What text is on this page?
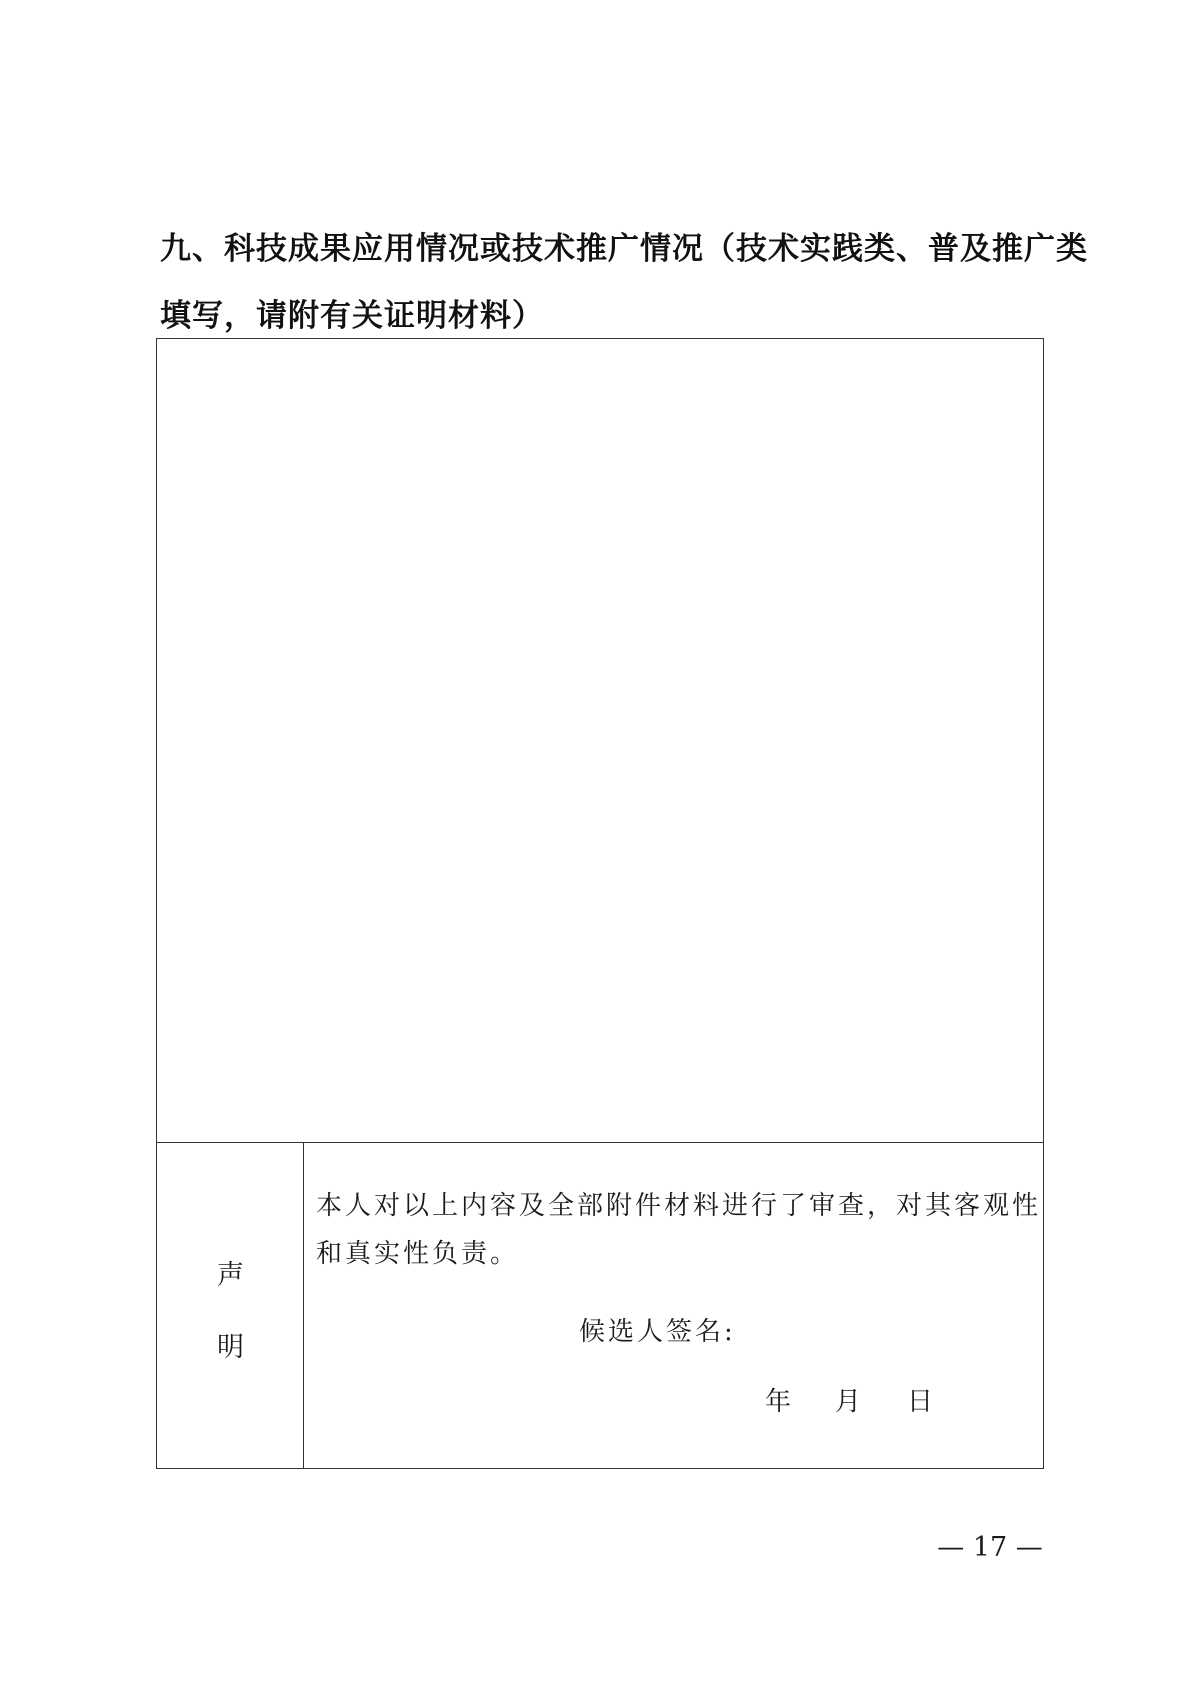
九、科技成果应用情况或技术推广情况（技术实践类、普及推广类
填写，请附有关证明材料）
声
明
本人对以上内容及全部附件材料进行了审查，对其客观性
和真实性负责。
候选人签名:
年 月 日
— 17 —
